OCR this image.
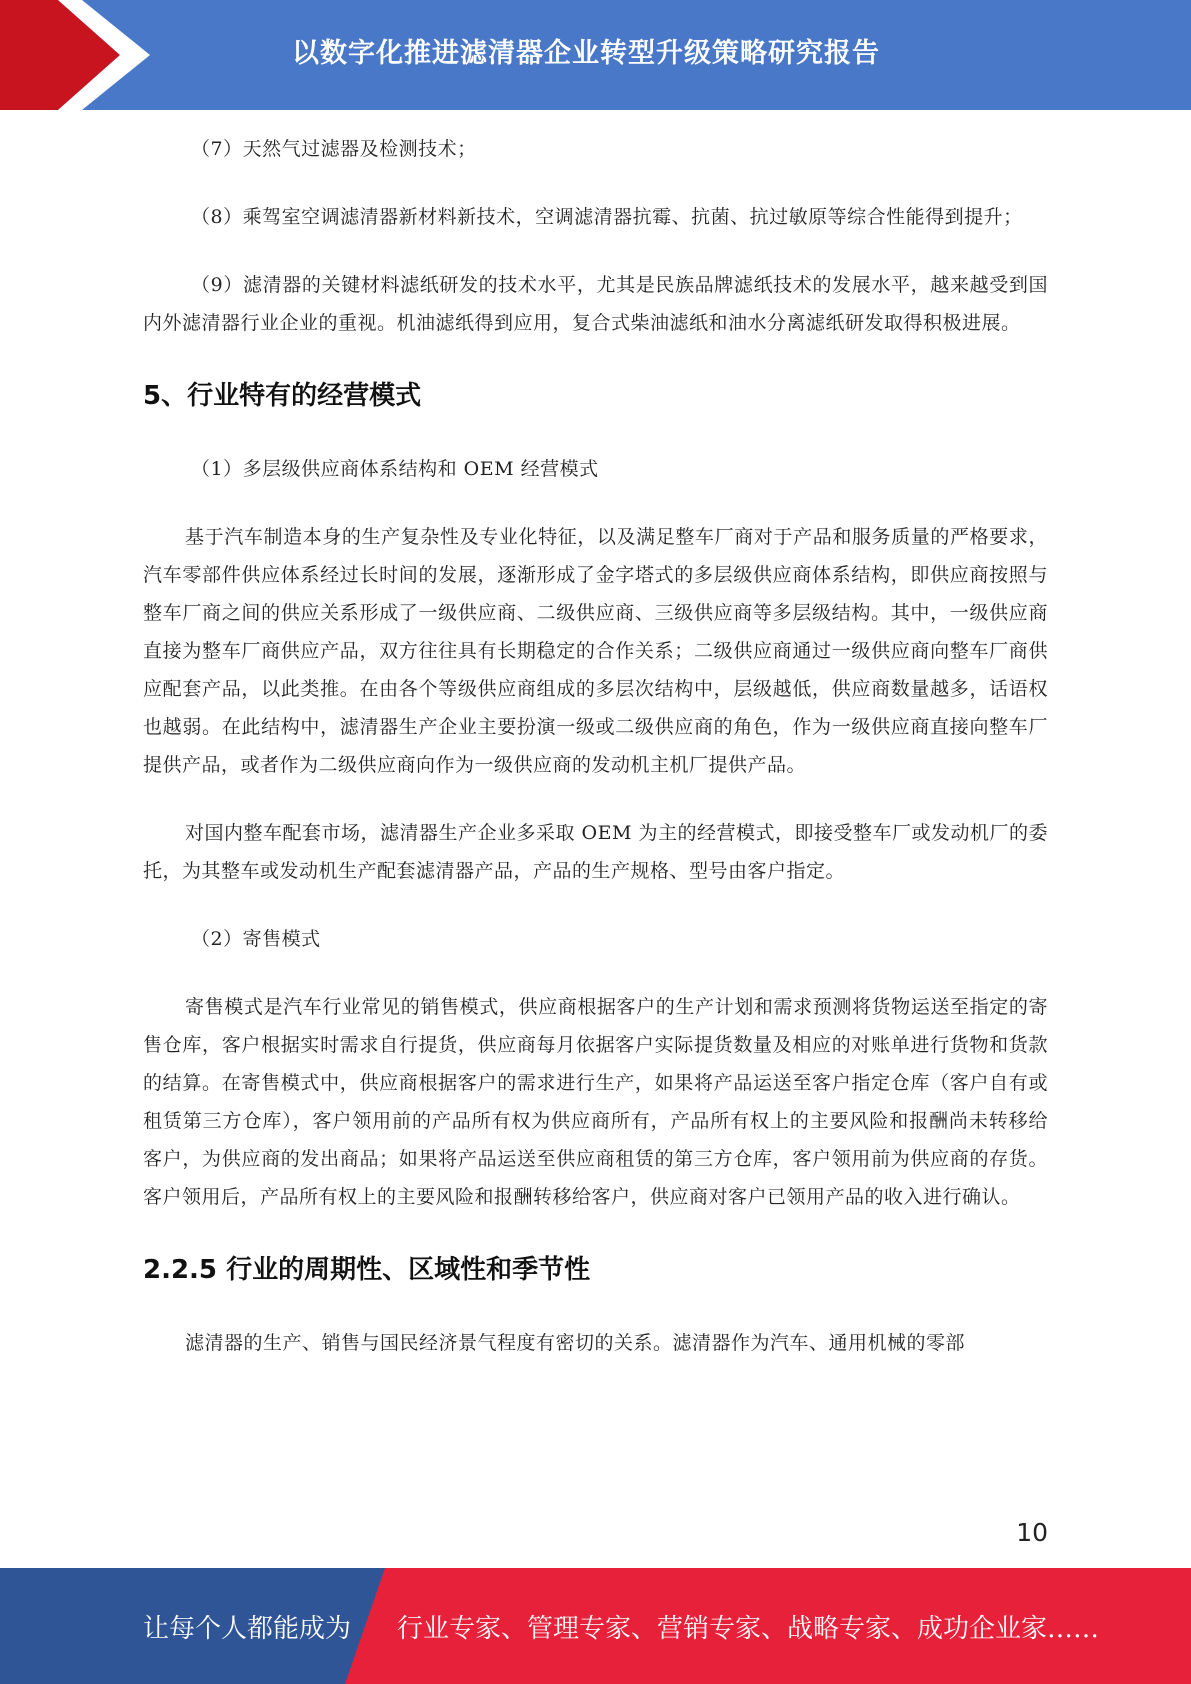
以数字化推进滤清器企业转型升级策略研究报告

（7）天然气过滤器及检测技术；

（8）乘驾室空调滤清器新材料新技术，空调滤清器抗霉、抗菌、抗过敏原等综合性能得到提升；

（9）滤清器的关键材料滤纸研发的技术水平，尤其是民族品牌滤纸技术的发展水平，越来越受到国内外滤清器行业企业的重视。机油滤纸得到应用，复合式柴油滤纸和油水分离滤纸研发取得积极进展。

5、行业特有的经营模式

（1）多层级供应商体系结构和 OEM 经营模式

基于汽车制造本身的生产复杂性及专业化特征，以及满足整车厂商对于产品和服务质量的严格要求，汽车零部件供应体系经过长时间的发展，逐渐形成了金字塔式的多层级供应商体系结构，即供应商按照与整车厂商之间的供应关系形成了一级供应商、二级供应商、三级供应商等多层级结构。其中，一级供应商直接为整车厂商供应产品，双方往往具有长期稳定的合作关系；二级供应商通过一级供应商向整车厂商供应配套产品，以此类推。在由各个等级供应商组成的多层次结构中，层级越低，供应商数量越多，话语权也越弱。在此结构中，滤清器生产企业主要扮演一级或二级供应商的角色，作为一级供应商直接向整车厂提供产品，或者作为二级供应商向作为一级供应商的发动机主机厂提供产品。

对国内整车配套市场，滤清器生产企业多采取 OEM 为主的经营模式，即接受整车厂或发动机厂的委托，为其整车或发动机生产配套滤清器产品，产品的生产规格、型号由客户指定。

（2）寄售模式

寄售模式是汽车行业常见的销售模式，供应商根据客户的生产计划和需求预测将货物运送至指定的寄售仓库，客户根据实时需求自行提货，供应商每月依据客户实际提货数量及相应的对账单进行货物和货款的结算。在寄售模式中，供应商根据客户的需求进行生产，如果将产品运送至客户指定仓库（客户自有或租赁第三方仓库），客户领用前的产品所有权为供应商所有，产品所有权上的主要风险和报酬尚未转移给客户，为供应商的发出商品；如果将产品运送至供应商租赁的第三方仓库，客户领用前为供应商的存货。客户领用后，产品所有权上的主要风险和报酬转移给客户，供应商对客户已领用产品的收入进行确认。

2.2.5 行业的周期性、区域性和季节性

滤清器的生产、销售与国民经济景气程度有密切的关系。滤清器作为汽车、通用机械的零部

10
让每个人都能成为 行业专家、管理专家、营销专家、战略专家、成功企业家……
